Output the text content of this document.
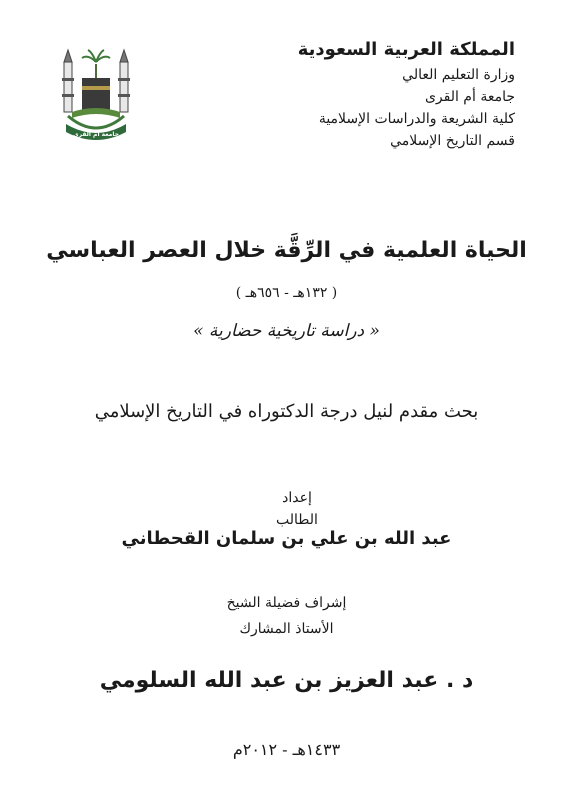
جامعة أم القرى
المملكة العربية السعودية
وزارة التعليم العالي
جامعة أم القرى
كلية الشريعة والدراسات الإسلامية
قسم التاريخ الإسلامي
الحياة العلمية في الرِّقَّة خلال العصر العباسي
( ١٣٢هـ - ٦٥٦هـ )
« دراسة تاريخية حضارية »
بحث مقدم لنيل درجة الدكتوراه في التاريخ الإسلامي
إعداد الطالب
عبد الله بن علي بن سلمان القحطاني
إشراف فضيلة الشيخ
الأستاذ المشارك
د . عبد العزيز بن عبد الله السلومي
١٤٣٣هـ - ٢٠١٢م
